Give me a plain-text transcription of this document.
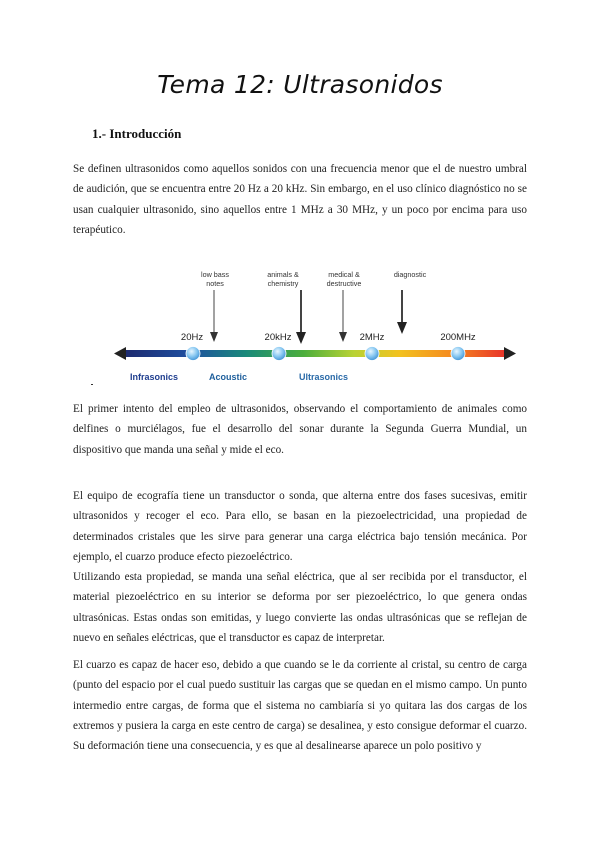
Tema 12: Ultrasonidos
1.- Introducción

Se definen ultrasonidos como aquellos sonidos con una frecuencia menor que el de nuestro umbral de audición, que se encuentra entre 20 Hz a 20 kHz. Sin embargo, en el uso clínico diagnóstico no se usan cualquier ultrasonido, sino aquellos entre 1 MHz a 30 MHz, y un poco por encima para uso terapéutico.

low bass
notes
animals &
chemistry
medical &
destructive
diagnostic
20Hz	20kHz	2MHz	200MHz
Infrasonics	Acoustic	Ultrasonics

El primer intento del empleo de ultrasonidos, observando el comportamiento de animales como delfines o murciélagos, fue el desarrollo del sonar durante la Segunda Guerra Mundial, un dispositivo que manda una señal y mide el eco.

El equipo de ecografía tiene un transductor o sonda, que alterna entre dos fases sucesivas, emitir ultrasonidos y recoger el eco. Para ello, se basan en la piezoelectricidad, una propiedad de determinados cristales que les sirve para generar una carga eléctrica bajo tensión mecánica. Por ejemplo, el cuarzo produce efecto piezoeléctrico.

Utilizando esta propiedad, se manda una señal eléctrica, que al ser recibida por el transductor, el material piezoeléctrico en su interior se deforma por ser piezoeléctrico, lo que genera ondas ultrasónicas. Estas ondas son emitidas, y luego convierte las ondas ultrasónicas que se reflejan de nuevo en señales eléctricas, que el transductor es capaz de interpretar.

El cuarzo es capaz de hacer eso, debido a que cuando se le da corriente al cristal, su centro de carga (punto del espacio por el cual puedo sustituir las cargas que se quedan en el mismo campo. Un punto intermedio entre cargas, de forma que el sistema no cambiaría si yo quitara las dos cargas de los extremos y pusiera la carga en este centro de carga) se desalinea, y esto consigue deformar el cuarzo. Su deformación tiene una consecuencia, y es que al desalinearse aparece un polo positivo y
